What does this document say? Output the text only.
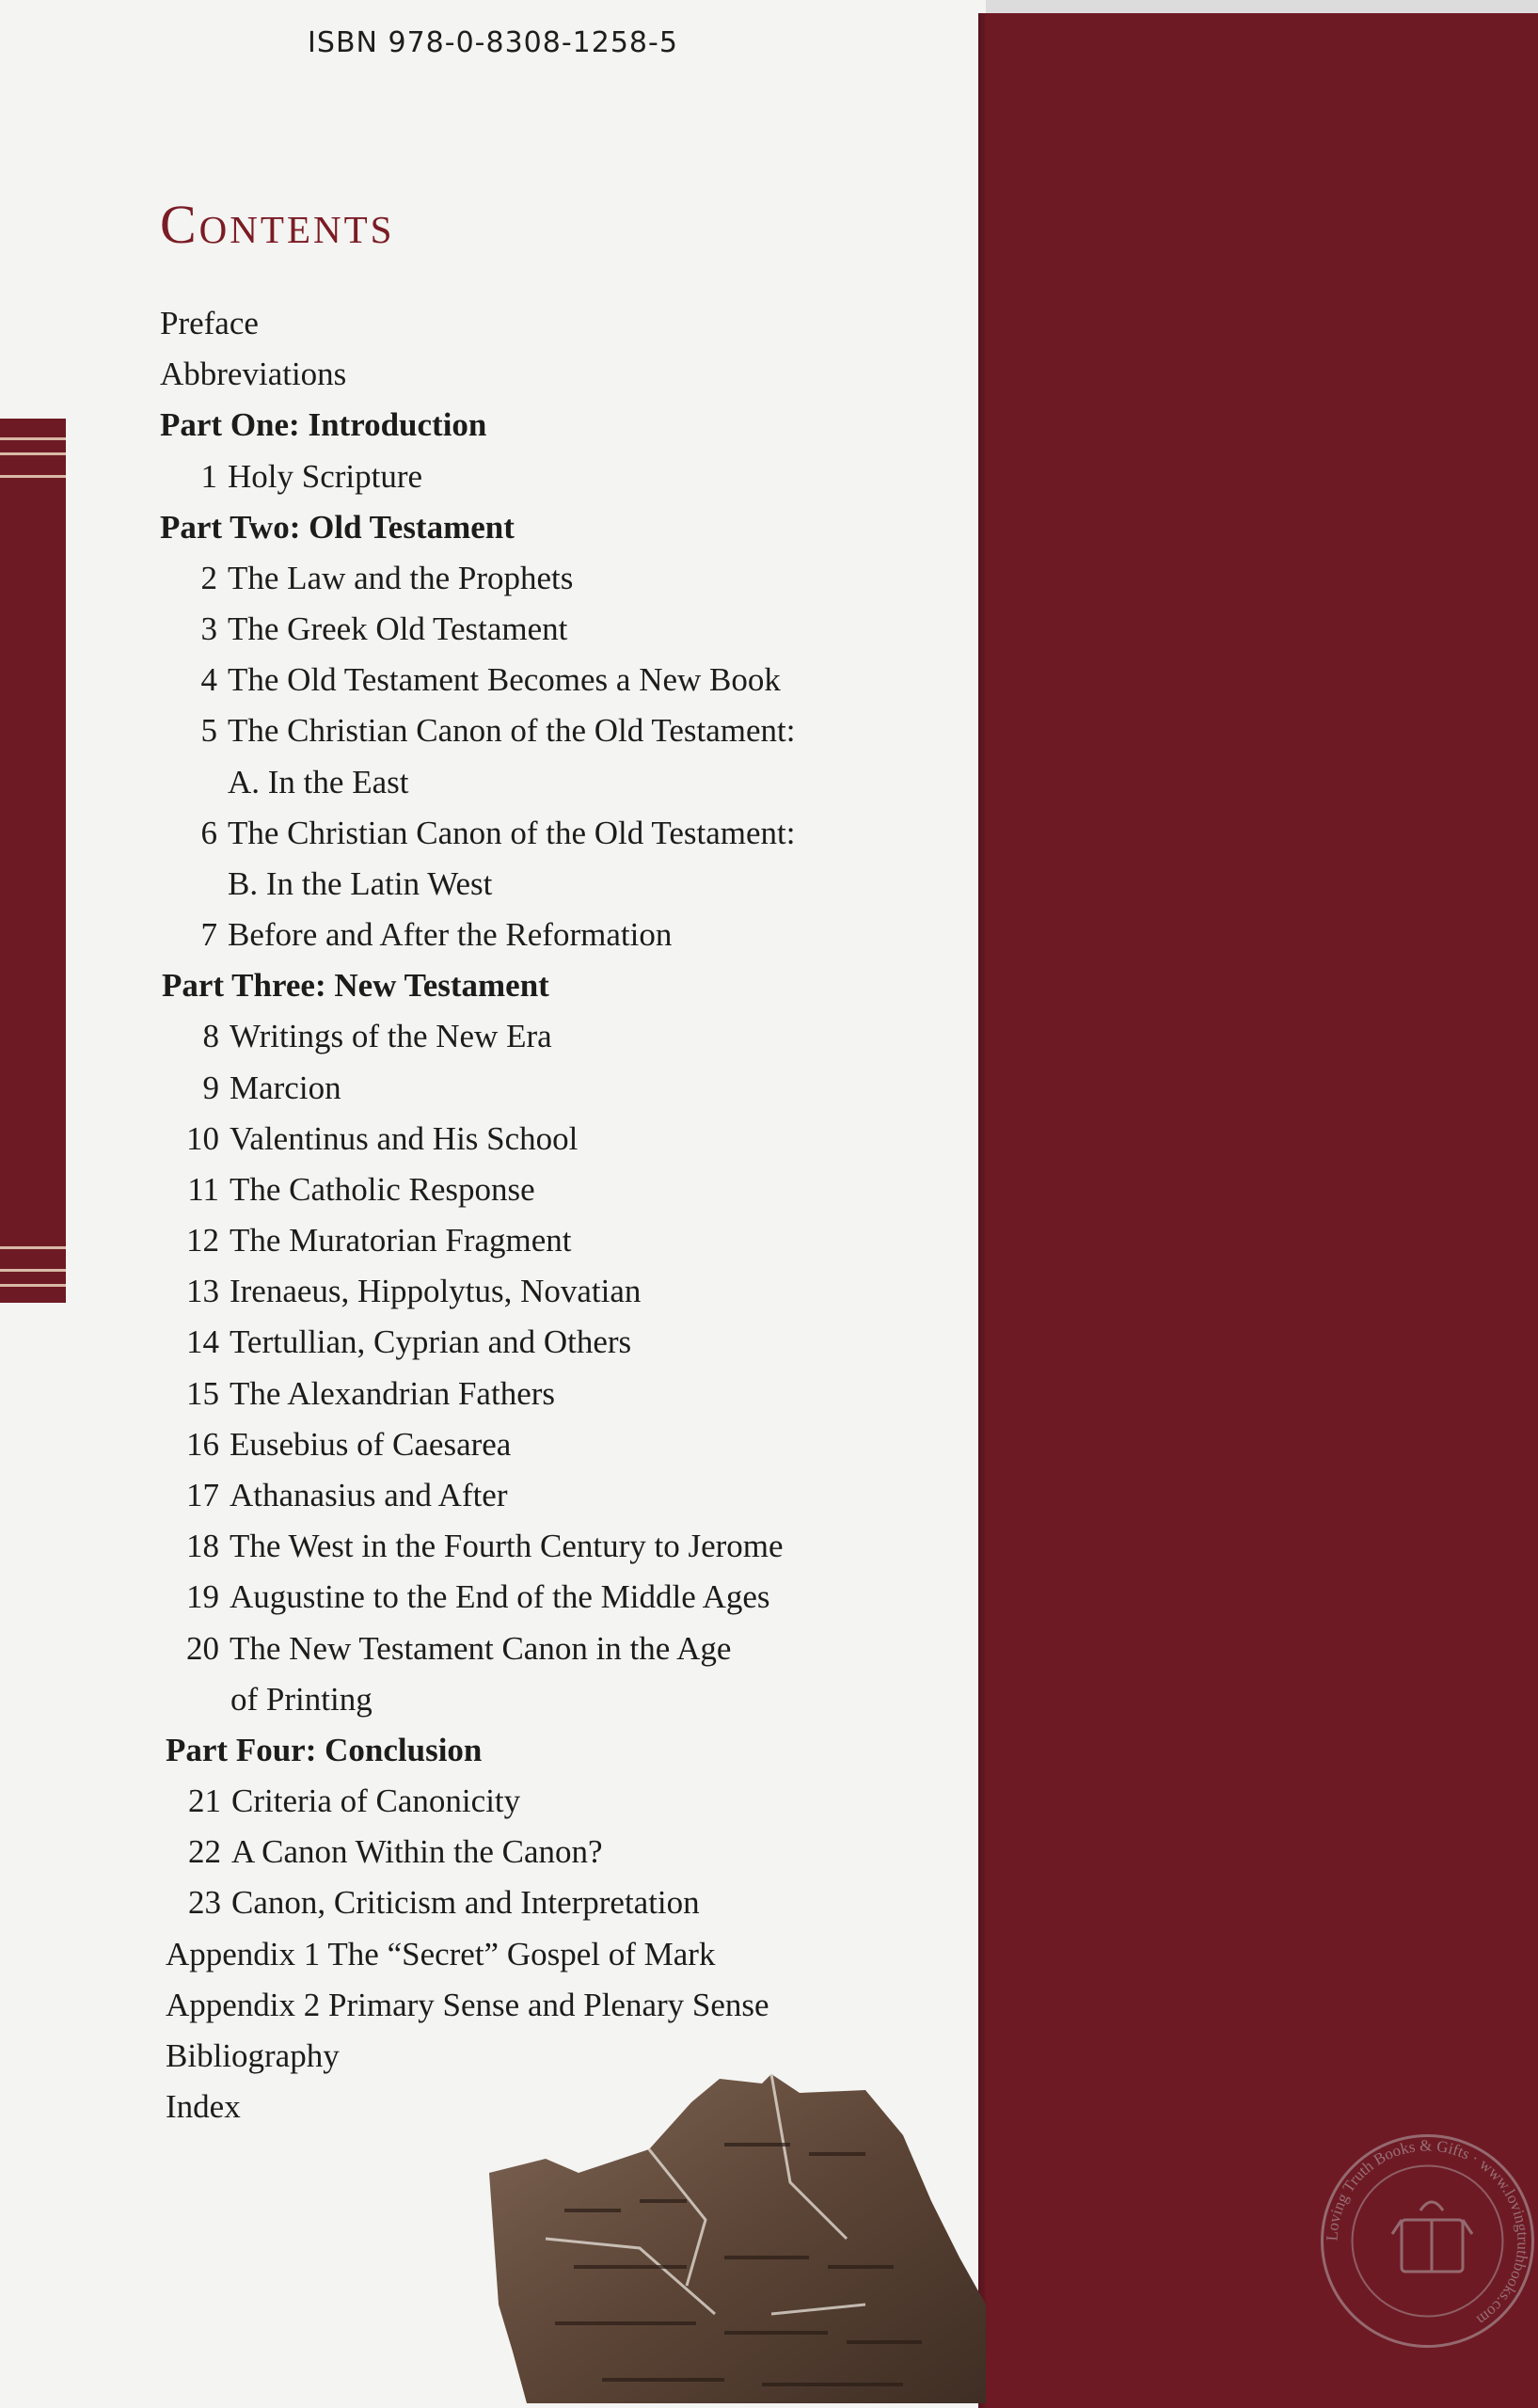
ISBN 978-0-8308-1258-5
Contents
Preface
Abbreviations
Part One: Introduction
1 Holy Scripture
Part Two: Old Testament
2 The Law and the Prophets
3 The Greek Old Testament
4 The Old Testament Becomes a New Book
5 The Christian Canon of the Old Testament:
A. In the East
6 The Christian Canon of the Old Testament:
B. In the Latin West
7 Before and After the Reformation
Part Three: New Testament
8 Writings of the New Era
9 Marcion
10 Valentinus and His School
11 The Catholic Response
12 The Muratorian Fragment
13 Irenaeus, Hippolytus, Novatian
14 Tertullian, Cyprian and Others
15 The Alexandrian Fathers
16 Eusebius of Caesarea
17 Athanasius and After
18 The West in the Fourth Century to Jerome
19 Augustine to the End of the Middle Ages
20 The New Testament Canon in the Age
of Printing
Part Four: Conclusion
21 Criteria of Canonicity
22 A Canon Within the Canon?
23 Canon, Criticism and Interpretation
Appendix 1 The “Secret” Gospel of Mark
Appendix 2 Primary Sense and Plenary Sense
Bibliography
Index
Loving Truth Books & Gifts · www.lovingtruthbooks.com
